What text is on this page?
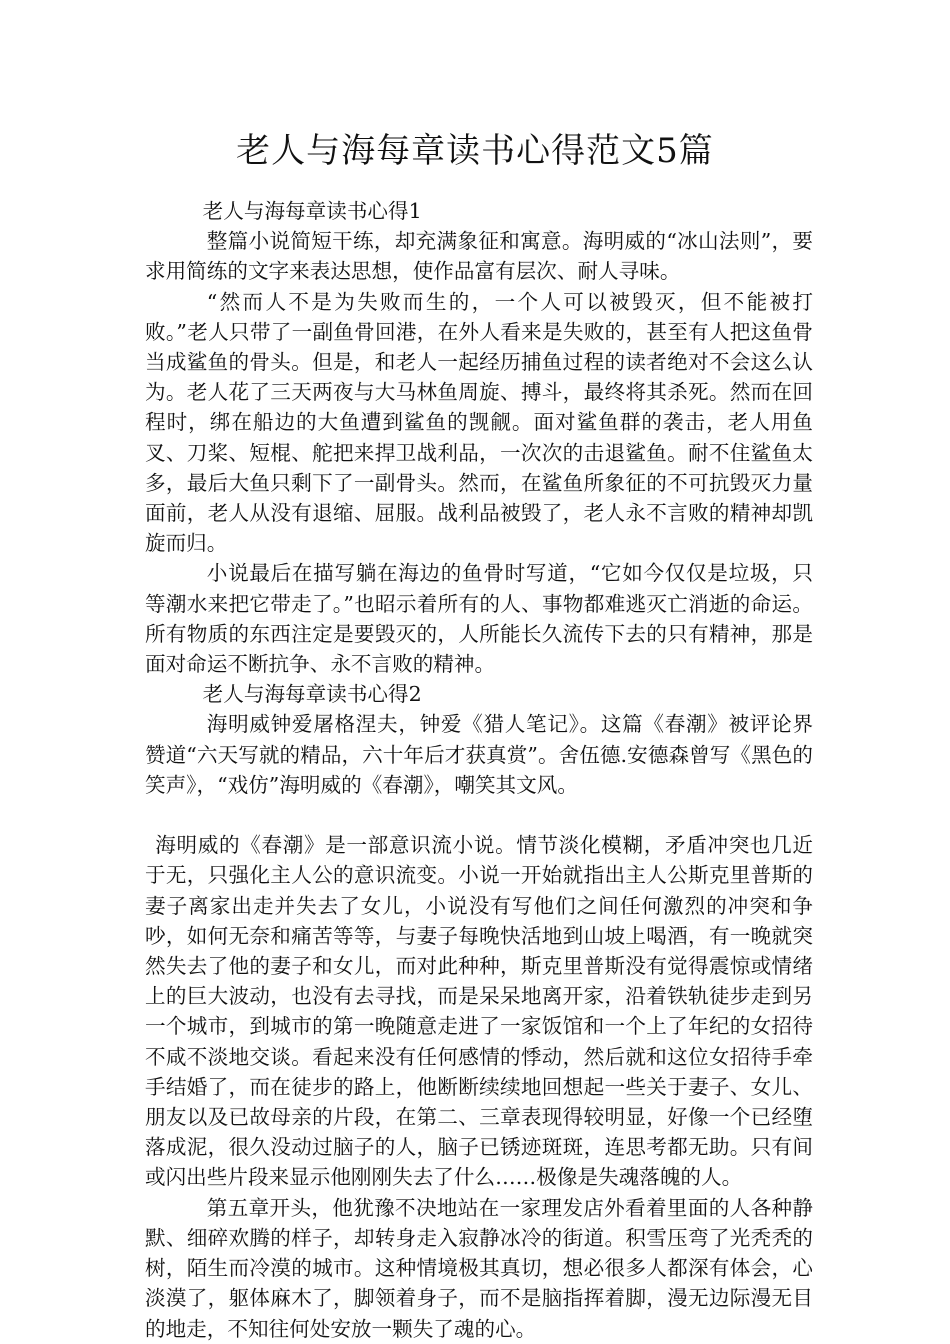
老人与海每章读书心得范文5篇
老人与海每章读书心得1

整篇小说简短干练，却充满象征和寓意。海明威的“冰山法则”，要求用简练的文字来表达思想，使作品富有层次、耐人寻味。

“然而人不是为失败而生的，一个人可以被毁灭，但不能被打败。”老人只带了一副鱼骨回港，在外人看来是失败的，甚至有人把这鱼骨当成鲨鱼的骨头。但是，和老人一起经历捕鱼过程的读者绝对不会这么认为。老人花了三天两夜与大马林鱼周旋、搏斗，最终将其杀死。然而在回程时，绑在船边的大鱼遭到鲨鱼的觊觎。面对鲨鱼群的袭击，老人用鱼叉、刀桨、短棍、舵把来捍卫战利品，一次次的击退鲨鱼。耐不住鲨鱼太多，最后大鱼只剩下了一副骨头。然而，在鲨鱼所象征的不可抗毁灭力量面前，老人从没有退缩、屈服。战利品被毁了，老人永不言败的精神却凯旋而归。

小说最后在描写躺在海边的鱼骨时写道，“它如今仅仅是垃圾，只等潮水来把它带走了。”也昭示着所有的人、事物都难逃灭亡消逝的命运。所有物质的东西注定是要毁灭的，人所能长久流传下去的只有精神，那是面对命运不断抗争、永不言败的精神。

老人与海每章读书心得2

海明威钟爱屠格涅夫，钟爱《猎人笔记》。这篇《春潮》被评论界赞道“六天写就的精品，六十年后才获真赏”。舍伍德.安德森曾写《黑色的笑声》，“戏仿”海明威的《春潮》，嘲笑其文风。

海明威的《春潮》是一部意识流小说。情节淡化模糊，矛盾冲突也几近于无，只强化主人公的意识流变。小说一开始就指出主人公斯克里普斯的妻子离家出走并失去了女儿，小说没有写他们之间任何激烈的冲突和争吵，如何无奈和痛苦等等，与妻子每晚快活地到山坡上喝酒，有一晚就突然失去了他的妻子和女儿，而对此种种，斯克里普斯没有觉得震惊或情绪上的巨大波动，也没有去寻找，而是呆呆地离开家，沿着铁轨徒步走到另一个城市，到城市的第一晚随意走进了一家饭馆和一个上了年纪的女招待不咸不淡地交谈。看起来没有任何感情的悸动，然后就和这位女招待手牵手结婚了，而在徒步的路上，他断断续续地回想起一些关于妻子、女儿、朋友以及已故母亲的片段，在第二、三章表现得较明显，好像一个已经堕落成泥，很久没动过脑子的人，脑子已锈迹斑斑，连思考都无助。只有间或闪出些片段来显示他刚刚失去了什么……极像是失魂落魄的人。

第五章开头，他犹豫不决地站在一家理发店外看着里面的人各种静默、细碎欢腾的样子，却转身走入寂静冰冷的街道。积雪压弯了光秃秃的树，陌生而冷漠的城市。这种情境极其真切，想必很多人都深有体会，心淡漠了，躯体麻木了，脚领着身子，而不是脑指挥着脚，漫无边际漫无目的地走，不知往何处安放一颗失了魂的心。
